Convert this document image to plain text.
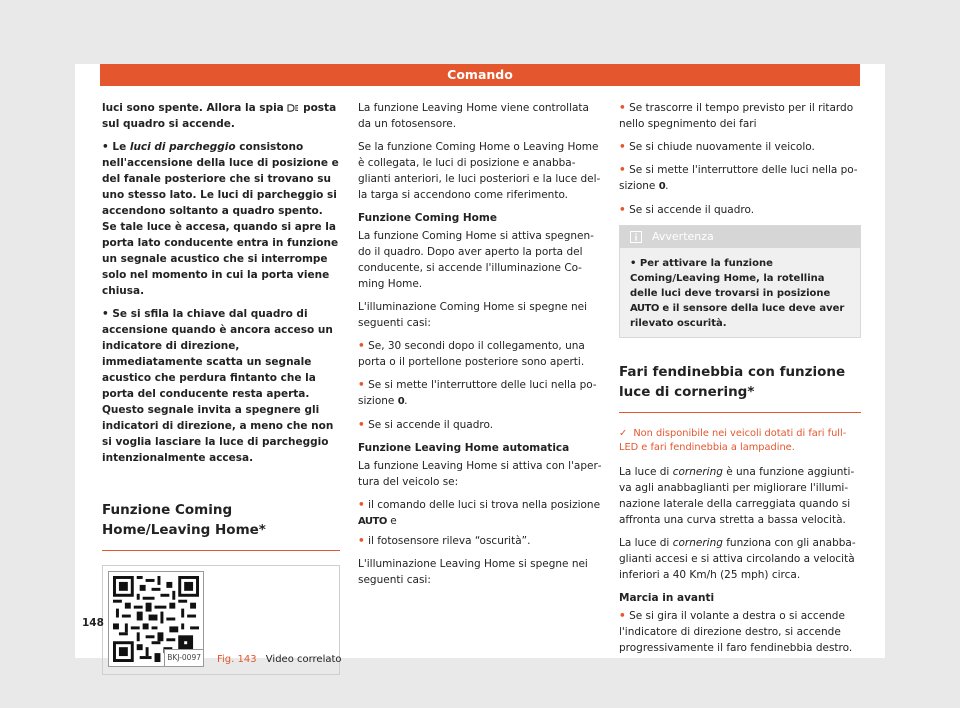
Comando

luci sono spente. Allora la spia posta sul quadro si accende.

• Le luci di parcheggio consistono nell'accensione della luce di posizione e del fanale posteriore che si trovano su uno stesso lato. Le luci di parcheggio si accendono soltanto a quadro spento. Se tale luce è accesa, quando si apre la porta lato conducente entra in funzione un segnale acustico che si interrompe solo nel momento in cui la porta viene chiusa.

• Se si sfila la chiave dal quadro di accensione quando è ancora acceso un indicatore di direzione, immediatamente scatta un segnale acustico che perdura fintanto che la porta del conducente resta aperta. Questo segnale invita a spegnere gli indicatori di direzione, a meno che non si voglia lasciare la luce di parcheggio intenzionalmente accesa.

Funzione Coming Home/Leaving Home*
BKJ-0097 Fig. 143 Video correlato

La funzione Leaving Home viene controllata da un fotosensore.

Se la funzione Coming Home o Leaving Home è collegata, le luci di posizione e anabbaglianti anteriori, le luci posteriori e la luce della targa si accendono come riferimento.

Funzione Coming Home

La funzione Coming Home si attiva spegnendo il quadro. Dopo aver aperto la porta del conducente, si accende l'illuminazione Coming Home.

L'illuminazione Coming Home si spegne nei seguenti casi:

• Se, 30 secondi dopo il collegamento, una porta o il portellone posteriore sono aperti.

• Se si mette l'interruttore delle luci nella posizione 0.

• Se si accende il quadro.

Funzione Leaving Home automatica

La funzione Leaving Home si attiva con l'apertura del veicolo se:

• il comando delle luci si trova nella posizione AUTO e

• il fotosensore rileva “oscurità”.

L'illuminazione Leaving Home si spegne nei seguenti casi:

• Se trascorre il tempo previsto per il ritardo nello spegnimento dei fari

• Se si chiude nuovamente il veicolo.

• Se si mette l'interruttore delle luci nella posizione 0.

• Se si accende il quadro.

Avvertenza
• Per attivare la funzione Coming/Leaving Home, la rotellina delle luci deve trovarsi in posizione AUTO e il sensore della luce deve aver rilevato oscurità.
Fari fendinebbia con funzione luce di cornering*

✓ Non disponibile nei veicoli dotati di fari full-LED e fari fendinebbia a lampadine.

La luce di cornering è una funzione aggiuntiva agli anabbaglianti per migliorare l'illuminazione laterale della carreggiata quando si affronta una curva stretta a bassa velocità.

La luce di cornering funziona con gli anabbaglianti accesi e si attiva circolando a velocità inferiori a 40 Km/h (25 mph) circa.

Marcia in avanti

• Se si gira il volante a destra o si accende l'indicatore di direzione destro, si accende progressivamente il faro fendinebbia destro.

148
